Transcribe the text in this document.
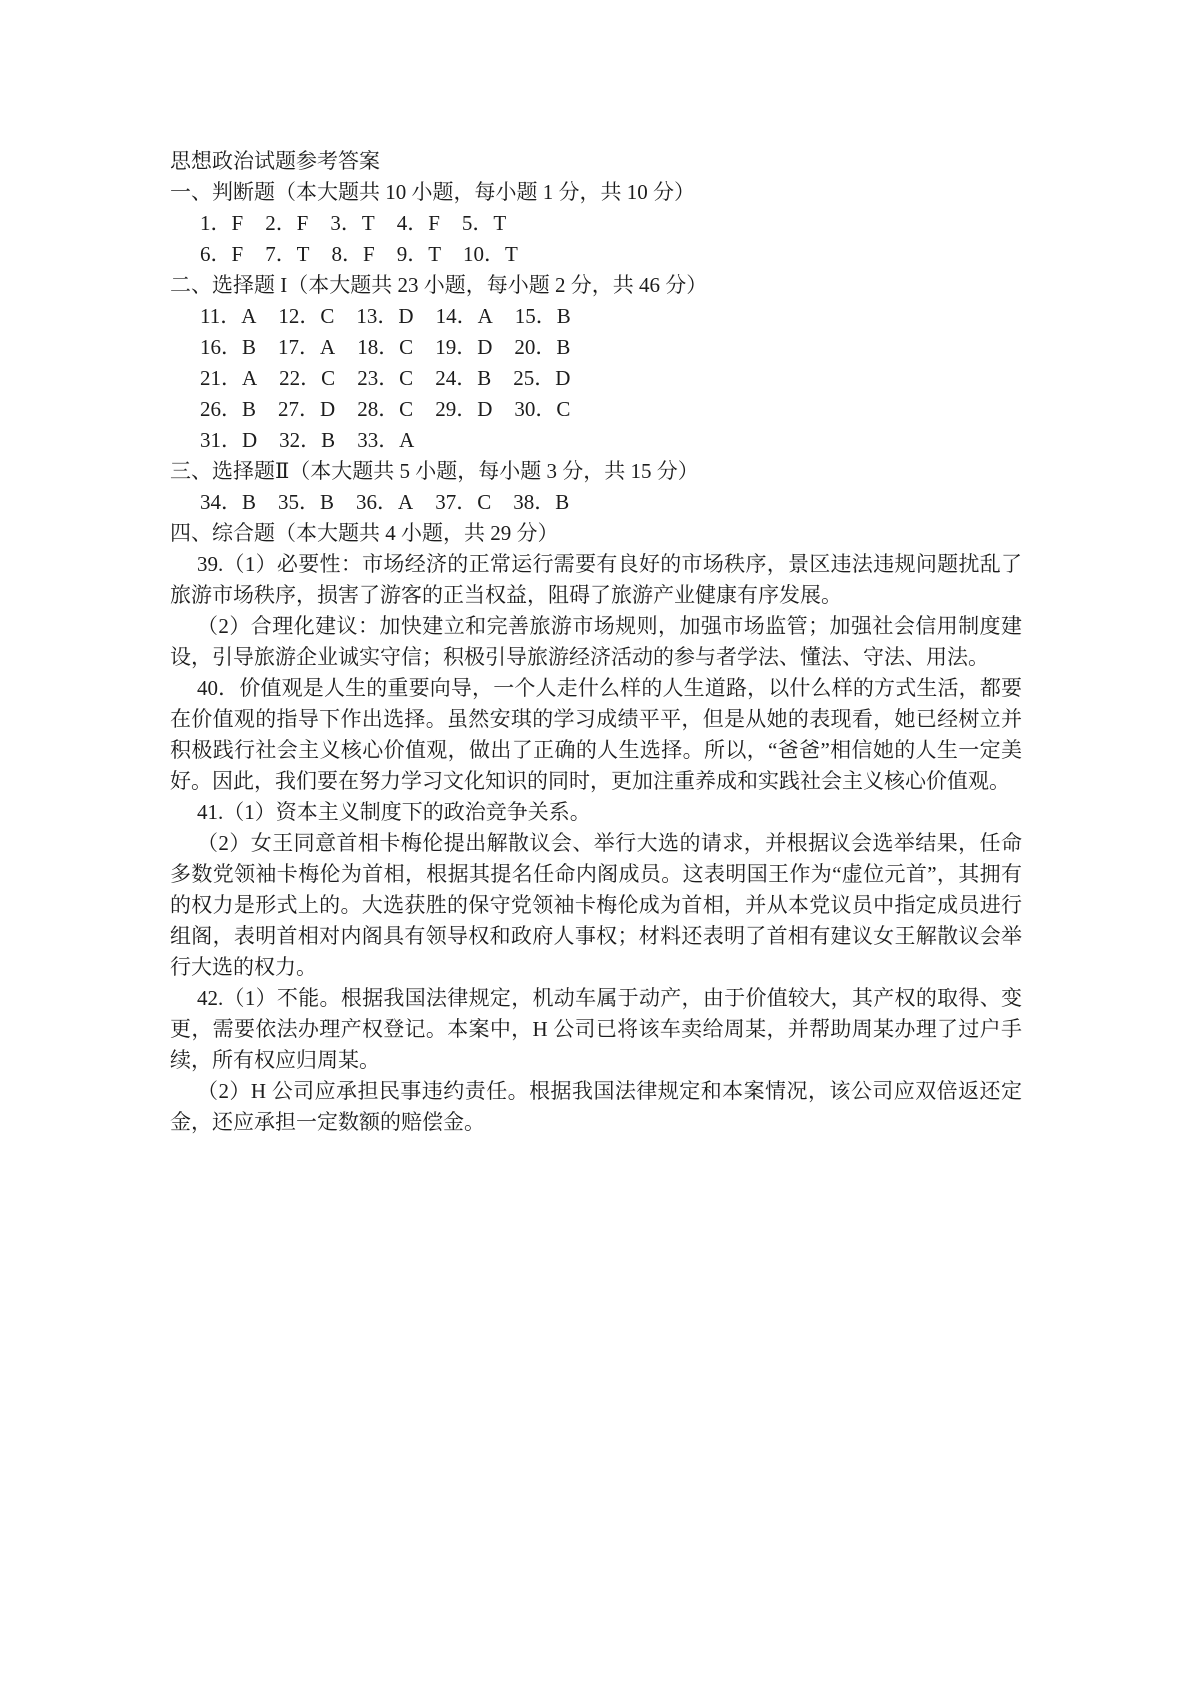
思想政治试题参考答案
一、判断题（本大题共 10 小题，每小题 1 分，共 10 分）
1．F 2．F 3．T 4．F 5．T
6．F 7．T 8．F 9．T 10．T
二、选择题 I（本大题共 23 小题，每小题 2 分，共 46 分）
11．A 12．C 13．D 14．A 15．B
16．B 17．A 18．C 19．D 20．B
21．A 22．C 23．C 24．B 25．D
26．B 27．D 28．C 29．D 30．C
31．D 32．B 33．A
三、选择题Ⅱ（本大题共 5 小题，每小题 3 分，共 15 分）
34．B 35．B 36．A 37．C 38．B
四、综合题（本大题共 4 小题，共 29 分）

39.（1）必要性：市场经济的正常运行需要有良好的市场秩序，景区违法违规问题扰乱了旅游市场秩序，损害了游客的正当权益，阻碍了旅游产业健康有序发展。

（2）合理化建议：加快建立和完善旅游市场规则，加强市场监管；加强社会信用制度建设，引导旅游企业诚实守信；积极引导旅游经济活动的参与者学法、懂法、守法、用法。

40．价值观是人生的重要向导，一个人走什么样的人生道路，以什么样的方式生活，都要在价值观的指导下作出选择。虽然安琪的学习成绩平平，但是从她的表现看，她已经树立并积极践行社会主义核心价值观，做出了正确的人生选择。所以，“爸爸”相信她的人生一定美好。因此，我们要在努力学习文化知识的同时，更加注重养成和实践社会主义核心价值观。

41.（1）资本主义制度下的政治竞争关系。

（2）女王同意首相卡梅伦提出解散议会、举行大选的请求，并根据议会选举结果，任命多数党领袖卡梅伦为首相，根据其提名任命内阁成员。这表明国王作为“虚位元首”，其拥有的权力是形式上的。大选获胜的保守党领袖卡梅伦成为首相，并从本党议员中指定成员进行组阁，表明首相对内阁具有领导权和政府人事权；材料还表明了首相有建议女王解散议会举行大选的权力。

42.（1）不能。根据我国法律规定，机动车属于动产，由于价值较大，其产权的取得、变更，需要依法办理产权登记。本案中，H 公司已将该车卖给周某，并帮助周某办理了过户手续，所有权应归周某。

（2）H 公司应承担民事违约责任。根据我国法律规定和本案情况，该公司应双倍返还定金，还应承担一定数额的赔偿金。
